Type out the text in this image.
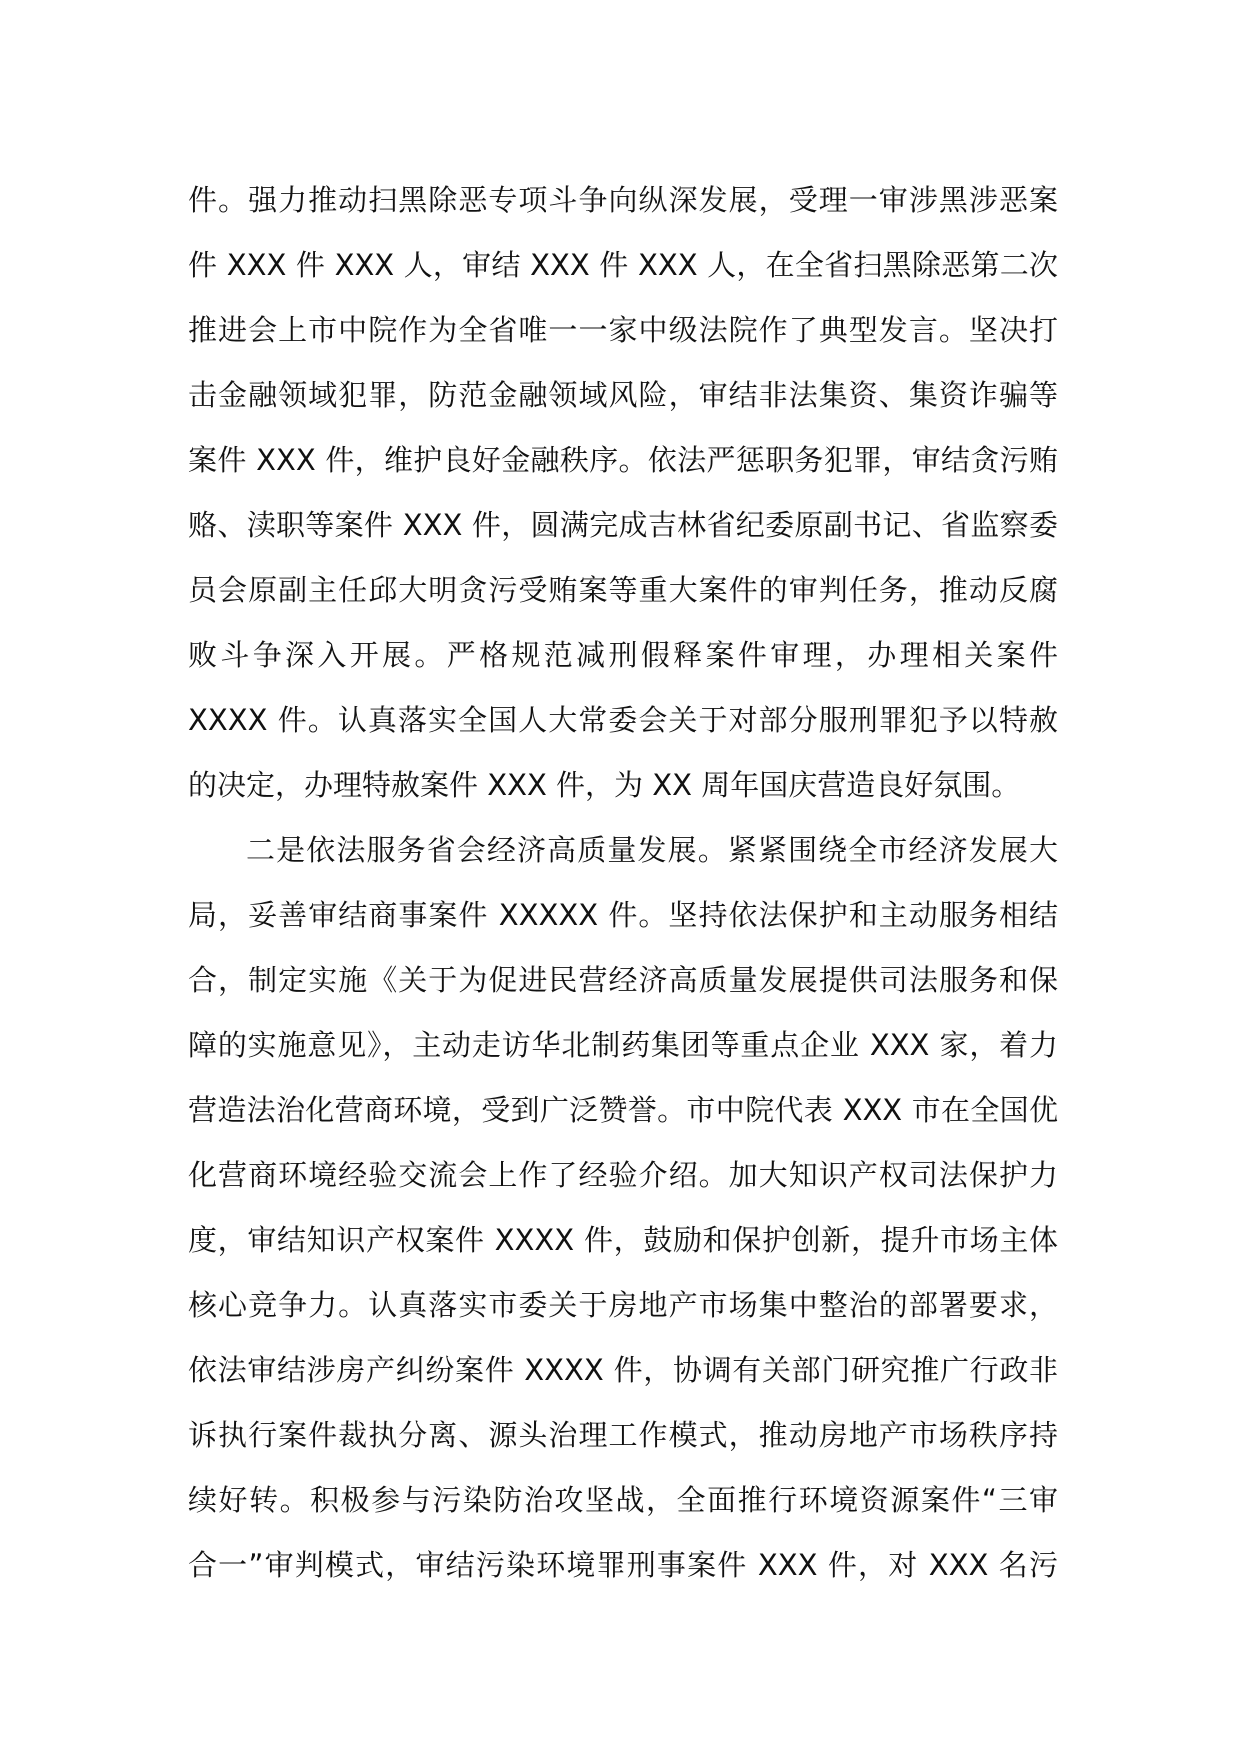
件。强力推动扫黑除恶专项斗争向纵深发展，受理一审涉黑涉恶案
件 XXX 件 XXX 人，审结 XXX 件 XXX 人，在全省扫黑除恶第二次
推进会上市中院作为全省唯一一家中级法院作了典型发言。坚决打
击金融领域犯罪，防范金融领域风险，审结非法集资、集资诈骗等
案件 XXX 件，维护良好金融秩序。依法严惩职务犯罪，审结贪污贿
赂、渎职等案件 XXX 件，圆满完成吉林省纪委原副书记、省监察委
员会原副主任邱大明贪污受贿案等重大案件的审判任务，推动反腐
败斗争深入开展。严格规范减刑假释案件审理，办理相关案件
XXXX 件。认真落实全国人大常委会关于对部分服刑罪犯予以特赦
的决定，办理特赦案件 XXX 件，为 XX 周年国庆营造良好氛围。
二是依法服务省会经济高质量发展。紧紧围绕全市经济发展大
局，妥善审结商事案件 XXXXX 件。坚持依法保护和主动服务相结
合，制定实施《关于为促进民营经济高质量发展提供司法服务和保
障的实施意见》，主动走访华北制药集团等重点企业 XXX 家，着力
营造法治化营商环境，受到广泛赞誉。市中院代表 XXX 市在全国优
化营商环境经验交流会上作了经验介绍。加大知识产权司法保护力
度，审结知识产权案件 XXXX 件，鼓励和保护创新，提升市场主体
核心竞争力。认真落实市委关于房地产市场集中整治的部署要求，
依法审结涉房产纠纷案件 XXXX 件，协调有关部门研究推广行政非
诉执行案件裁执分离、源头治理工作模式，推动房地产市场秩序持
续好转。积极参与污染防治攻坚战，全面推行环境资源案件“三审
合一”审判模式，审结污染环境罪刑事案件 XXX 件，对 XXX 名污
